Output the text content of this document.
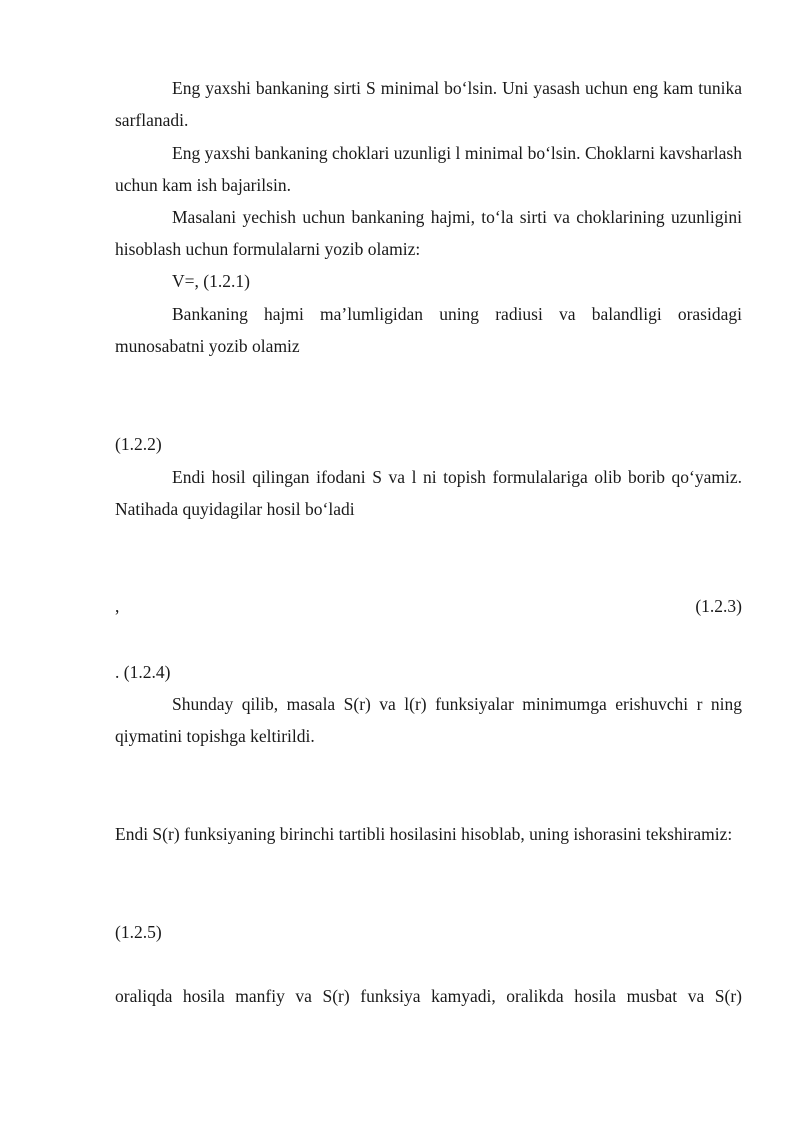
Eng yaxshi bankaning sirti S minimal bo‘lsin. Uni yasash uchun eng kam tunika sarflanadi.

Eng yaxshi bankaning choklari uzunligi l minimal bo‘lsin. Choklarni kavsharlash uchun kam ish bajarilsin.

Masalani yechish uchun bankaning hajmi, to‘la sirti va choklarining uzunligini hisoblash uchun formulalarni yozib olamiz:

V=, (1.2.1)

Bankaning hajmi ma’lumligidan uning radiusi va balandligi orasidagi munosabatni yozib olamiz

(1.2.2)

Endi hosil qilingan ifodani S va l ni topish formulalariga olib borib qo‘yamiz. Natihada quyidagilar hosil bo‘ladi

,	(1.2.3)

. (1.2.4)

Shunday qilib, masala S(r) va l(r) funksiyalar minimumga erishuvchi r ning qiymatini topishga keltirildi.

Endi S(r) funksiyaning birinchi tartibli hosilasini hisoblab, uning ishorasini tekshiramiz:

(1.2.5)

oraliqda hosila manfiy va S(r) funksiya kamyadi, oralikda hosila musbat va S(r)
